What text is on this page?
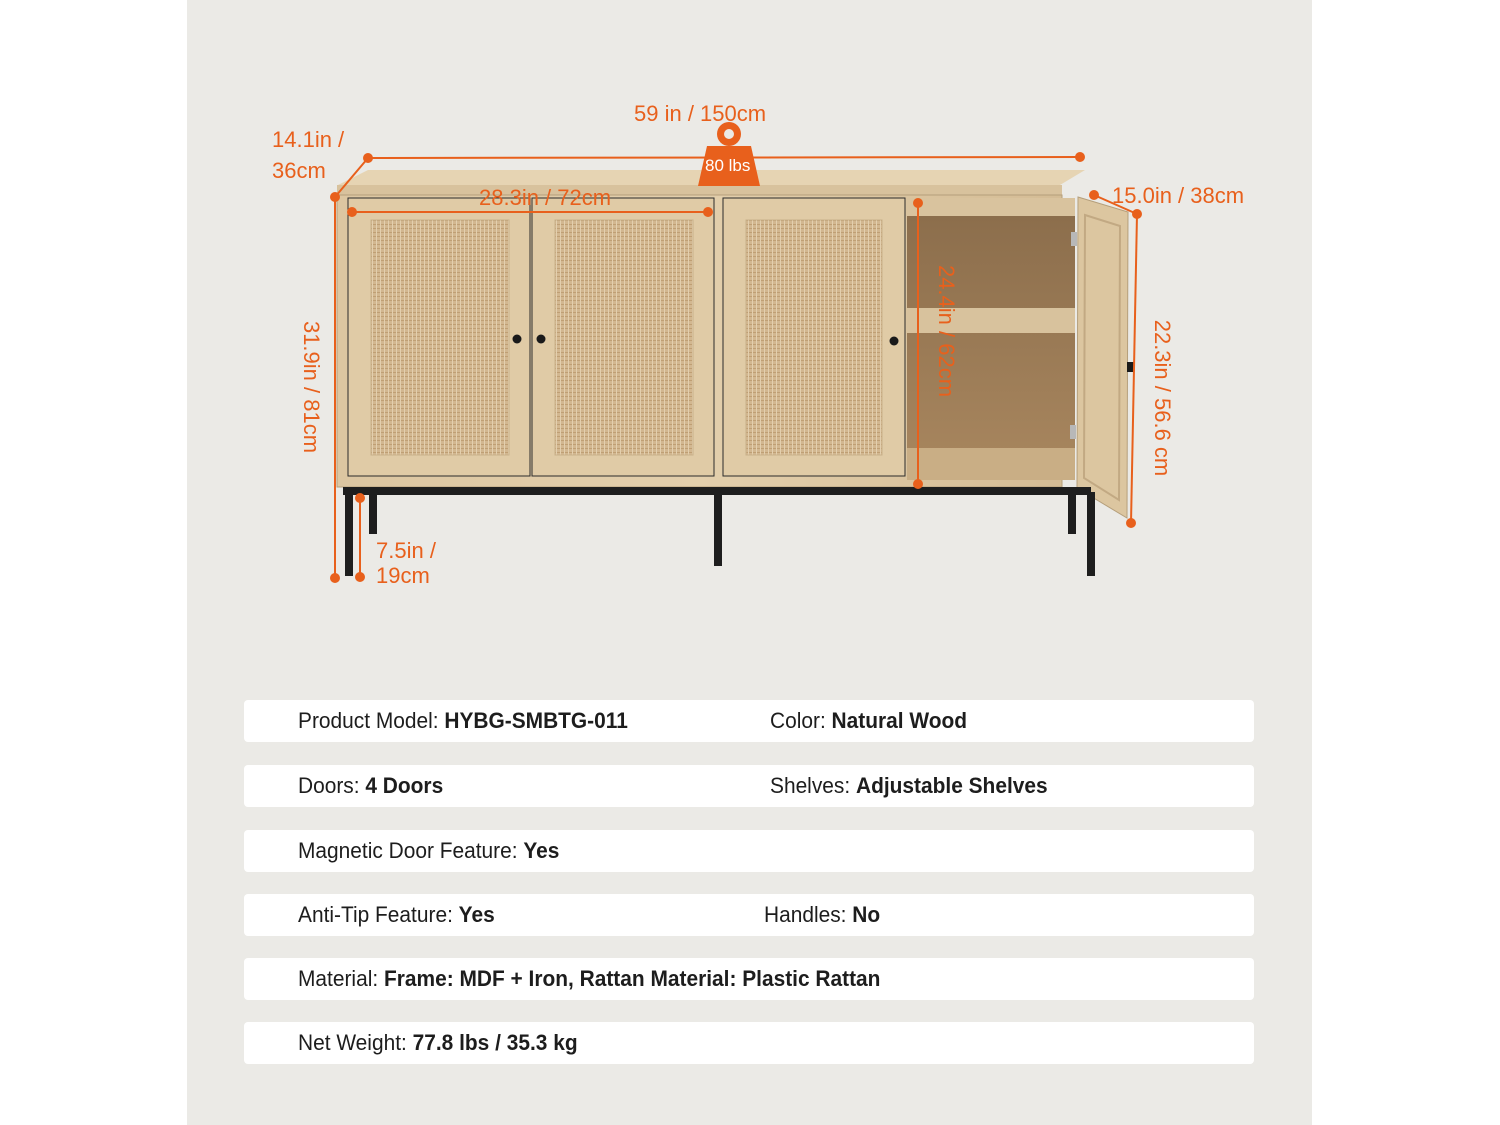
59 in / 150cm
14.1in /
36cm
28.3in / 72cm	15.0in / 38cm
7.5in /
19cm
80 lbs
31.9in / 81cm	24.4in / 62cm	22.3in / 56.6 cm
Product Model: HYBG-SMBTG-011	Color: Natural Wood
Doors: 4 Doors	Shelves: Adjustable Shelves
Magnetic Door Feature: Yes
Anti-Tip Feature: Yes	Handles: No
Material: Frame: MDF + Iron, Rattan Material: Plastic Rattan
Net Weight: 77.8 lbs / 35.3 kg
